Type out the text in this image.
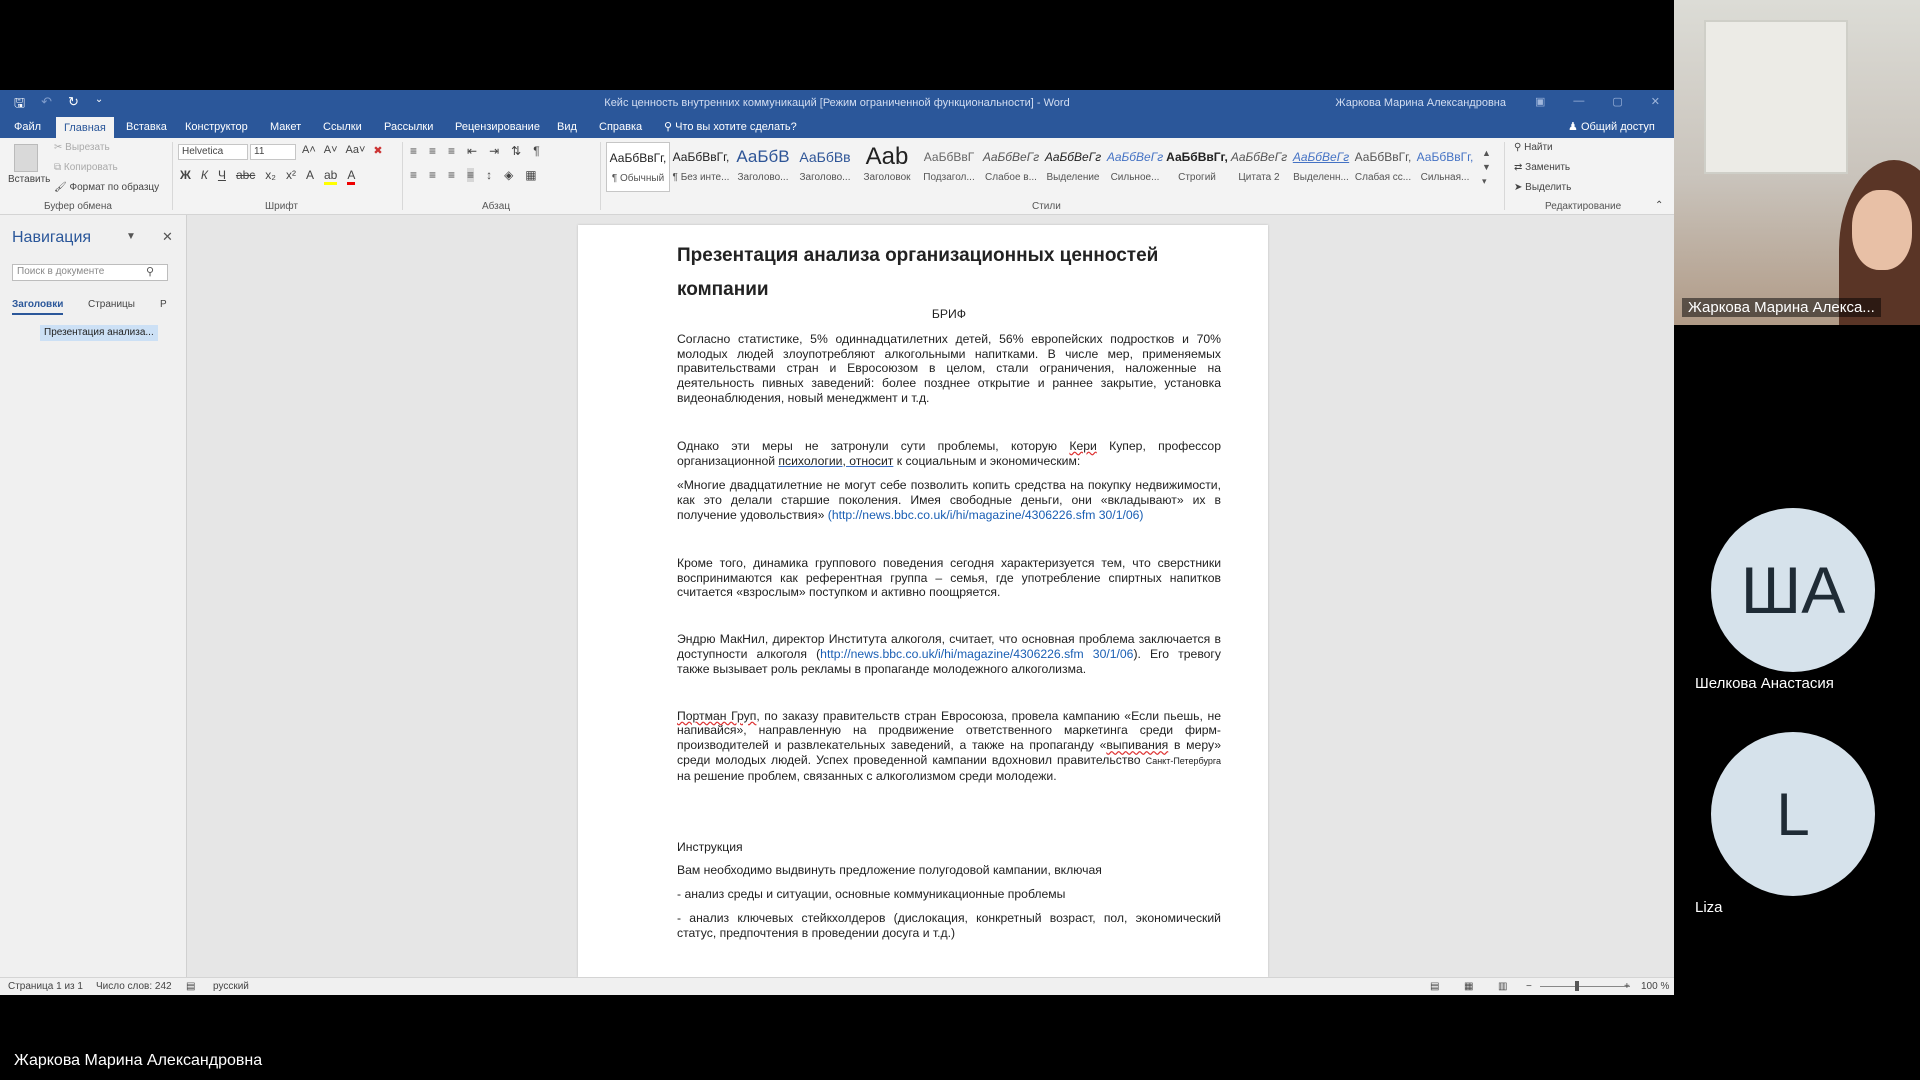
🖫 ↶ ↻ ⌄	Кейс ценность внутренних коммуникаций [Режим ограниченной функциональности] - Word	Жаркова Марина Александровна	▣	—	▢	✕
Файл	Главная	Вставка	Конструктор	Макет	Ссылки	Рассылки	Рецензирование	Вид	Справка	⚲ Что вы хотите сделать?	♟ Общий доступ
Вставить
✂ Вырезать
⧉ Копировать
🖌 Формат по образцу
Буфер обмена
Helvetica	11	A˄ A˅ Aa˅ ✖
Ж К Ч abc x₂ x² A ab A
Шрифт
≡ ≡ ≡ ⇤ ⇥ ⇅ ¶
≡ ≡ ≡ ≡ ↕ ◈ ▦
Абзац
АаБбВвГг,
¶ Обычный
АаБбВвГг,
¶ Без инте...
АаБбВ
Заголово...
АаБбВв
Заголово...
Aab
Заголовок
АаБбВвГ
Подзагол...
АаБбВеГг
Слабое в...
АаБбВеГг
Выделение
АаБбВеГг
Сильное...
АаБбВвГг,
Строгий
АаБбВеГг
Цитата 2
АаБбВеГг
Выделенн...
АаБбВвГг,
Слабая сс...
АаБбВвГг,
Сильная...
▲
▼
▾
Стили
⚲ Найти
⇄ Заменить
➤ Выделить
Редактирование	⌃
Навигация	▼ ✕
Поиск в документе	⚲
Заголовки Страницы	Р
Презентация анализа...

Презентация анализа организационных ценностей компании

БРИФ

Согласно статистике, 5% одиннадцатилетних детей, 56% европейских подростков и 70% молодых людей злоупотребляют алкогольными напитками. В числе мер, применяемых правительствами стран и Евросоюзом в целом, стали ограничения, наложенные на деятельность пивных заведений: более позднее открытие и раннее закрытие, установка видеонаблюдения, новый менеджмент и т.д.

Однако эти меры не затронули сути проблемы, которую Кери Купер, профессор организационной психологии, относит к социальным и экономическим:

«Многие двадцатилетние не могут себе позволить копить средства на покупку недвижимости, как это делали старшие поколения. Имея свободные деньги, они «вкладывают» их в получение удовольствия» (http://news.bbc.co.uk/i/hi/magazine/4306226.sfm 30/1/06)

Кроме того, динамика группового поведения сегодня характеризуется тем, что сверстники воспринимаются как референтная группа – семья, где употребление спиртных напитков считается «взрослым» поступком и активно поощряется.

Эндрю МакНил, директор Института алкоголя, считает, что основная проблема заключается в доступности алкоголя (http://news.bbc.co.uk/i/hi/magazine/4306226.sfm 30/1/06). Его тревогу также вызывает роль рекламы в пропаганде молодежного алкоголизма.

Портман Груп, по заказу правительств стран Евросоюза, провела кампанию «Если пьешь, не напивайся», направленную на продвижение ответственного маркетинга среди фирм-производителей и развлекательных заведений, а также на пропаганду «выпивания в меру» среди молодых людей. Успех проведенной кампании вдохновил правительство Санкт-Петербурга на решение проблем, связанных с алкоголизмом среди молодежи.

Инструкция

Вам необходимо выдвинуть предложение полугодовой кампании, включая

- анализ среды и ситуации, основные коммуникационные проблемы

- анализ ключевых стейкхолдеров (дислокация, конкретный возраст, пол, экономический статус, предпочтения в проведении досуга и т.д.)

Страница 1 из 1 Число слов: 242 ▤ русский	▤ ▦ ▥ −	+ 100 %
Жаркова Марина Алекса...
ША
Шелкова Анастасия
L
Liza
Жаркова Марина Александровна
